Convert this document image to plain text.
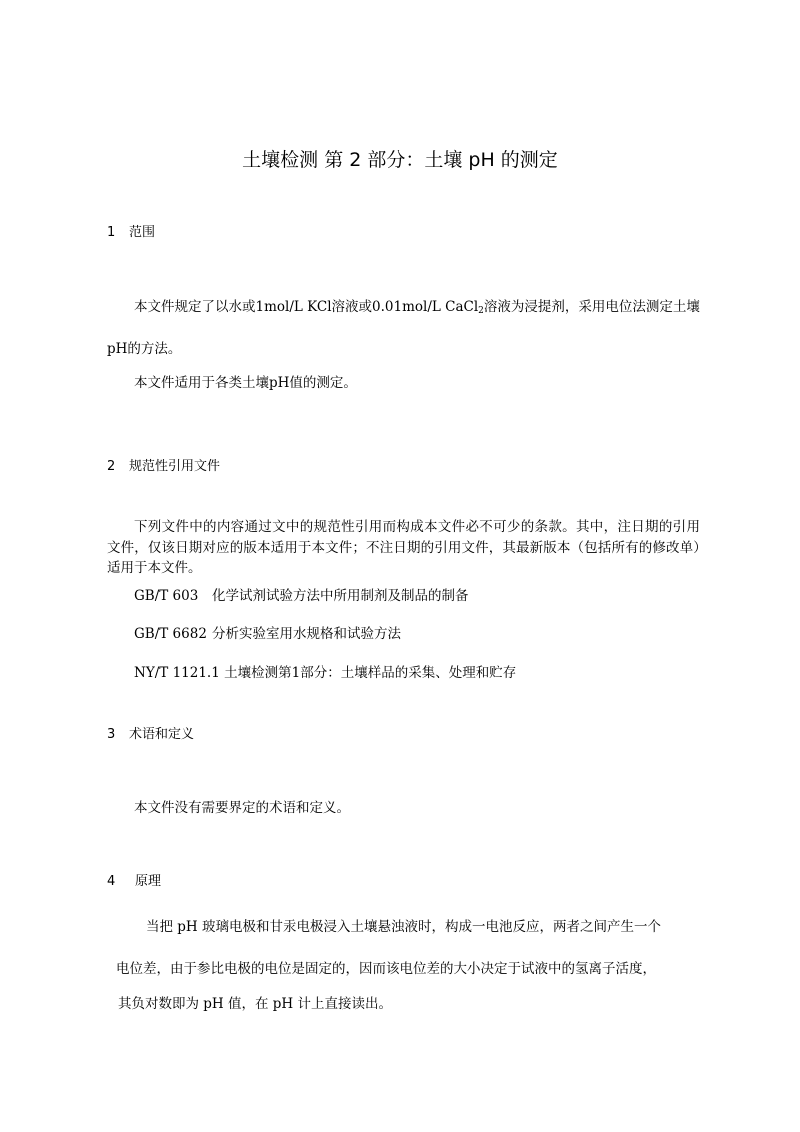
土壤检测 第 2 部分：土壤 pH 的测定
1 范围
本文件规定了以水或1mol/L KCl溶液或0.01mol/L CaCl$_2$溶液为浸提剂，采用电位法测定土壤
pH的方法。
本文件适用于各类土壤pH值的测定。
2 规范性引用文件
下列文件中的内容通过文中的规范性引用而构成本文件必不可少的条款。其中，注日期的引用文件，仅该日期对应的版本适用于本文件；不注日期的引用文件，其最新版本（包括所有的修改单）适用于本文件。
GB/T 603 化学试剂试验方法中所用制剂及制品的制备
GB/T 6682 分析实验室用水规格和试验方法
NY/T 1121.1 土壤检测第1部分：土壤样品的采集、处理和贮存
3 术语和定义
本文件没有需要界定的术语和定义。
4 原理
当把 pH 玻璃电极和甘汞电极浸入土壤悬浊液时，构成一电池反应，两者之间产生一个
电位差，由于参比电极的电位是固定的，因而该电位差的大小决定于试液中的氢离子活度，
其负对数即为 pH 值，在 pH 计上直接读出。
